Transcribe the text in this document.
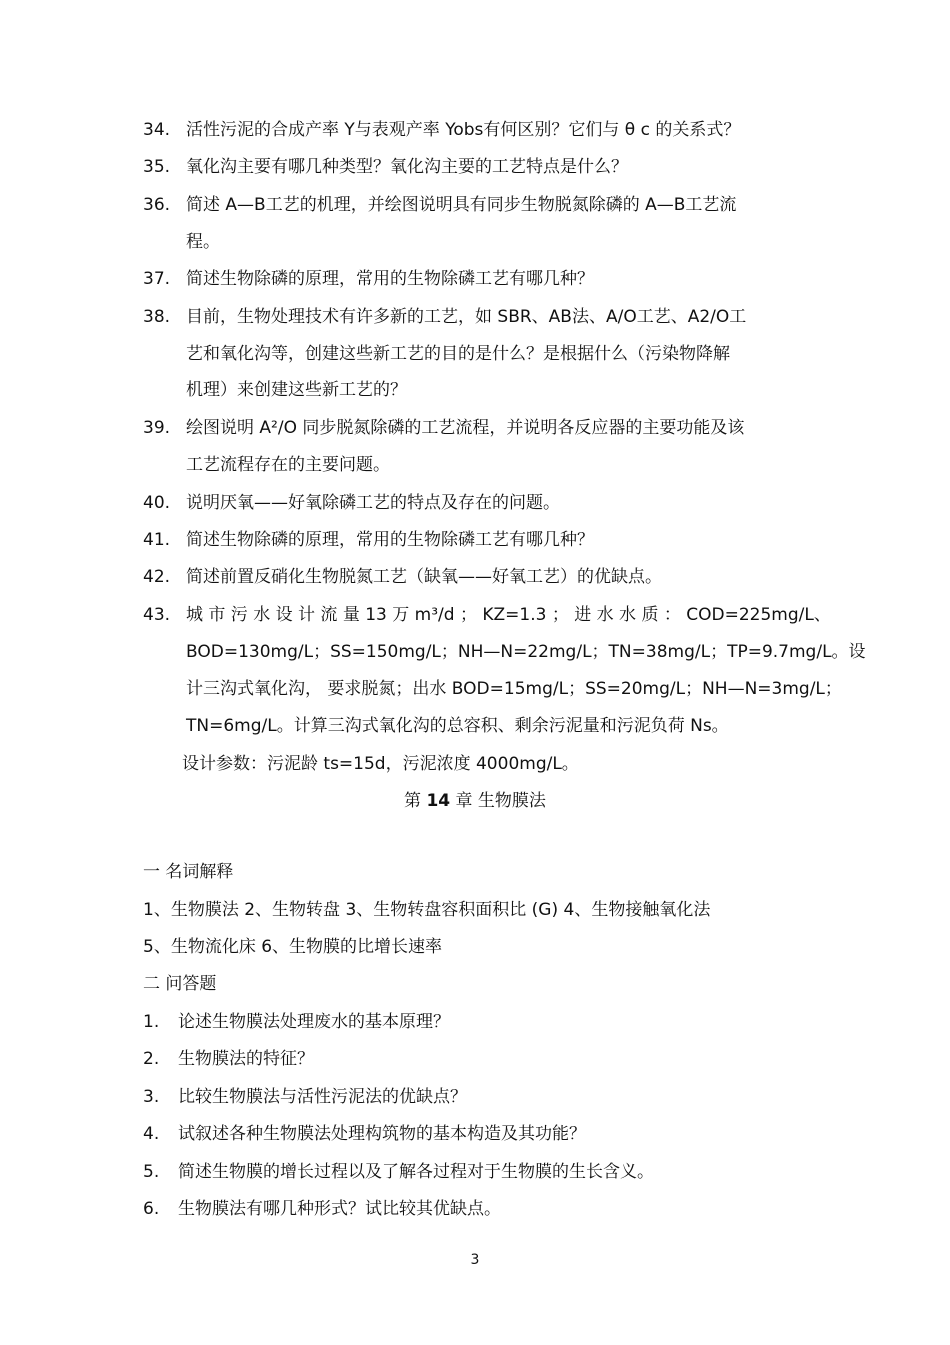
34. 活性污泥的合成产率 Y与表观产率 Yobs有何区别？它们与 θ c 的关系式？
35. 氧化沟主要有哪几种类型？氧化沟主要的工艺特点是什么？
36. 简述 A—B工艺的机理，并绘图说明具有同步生物脱氮除磷的 A—B工艺流
程。
37. 简述生物除磷的原理，常用的生物除磷工艺有哪几种？
38. 目前，生物处理技术有许多新的工艺，如 SBR、AB法、A/O工艺、A2/O工
艺和氧化沟等，创建这些新工艺的目的是什么？是根据什么（污染物降解
机理）来创建这些新工艺的？
39. 绘图说明 A²/O 同步脱氮除磷的工艺流程，并说明各反应器的主要功能及该
工艺流程存在的主要问题。
40. 说明厌氧——好氧除磷工艺的特点及存在的问题。
41. 简述生物除磷的原理，常用的生物除磷工艺有哪几种？
42. 简述前置反硝化生物脱氮工艺（缺氧——好氧工艺）的优缺点。
43. 城 市 污 水 设 计 流 量 13 万 m³/d ； KZ=1.3 ； 进 水 水 质 ： COD=225mg/L、
BOD=130mg/L；SS=150mg/L；NH—N=22mg/L；TN=38mg/L；TP=9.7mg/L。设
计三沟式氧化沟， 要求脱氮；出水 BOD=15mg/L；SS=20mg/L；NH—N=3mg/L；
TN=6mg/L。计算三沟式氧化沟的总容积、剩余污泥量和污泥负荷 Ns。
设计参数：污泥龄 ts=15d，污泥浓度 4000mg/L。
第 14 章 生物膜法
一 名词解释
1、生物膜法 2、生物转盘 3、生物转盘容积面积比 (G) 4、生物接触氧化法
5、生物流化床 6、生物膜的比增长速率
二 问答题
1. 论述生物膜法处理废水的基本原理？
2. 生物膜法的特征？
3. 比较生物膜法与活性污泥法的优缺点？
4. 试叙述各种生物膜法处理构筑物的基本构造及其功能？
5. 简述生物膜的增长过程以及了解各过程对于生物膜的生长含义。
6. 生物膜法有哪几种形式？试比较其优缺点。
3
